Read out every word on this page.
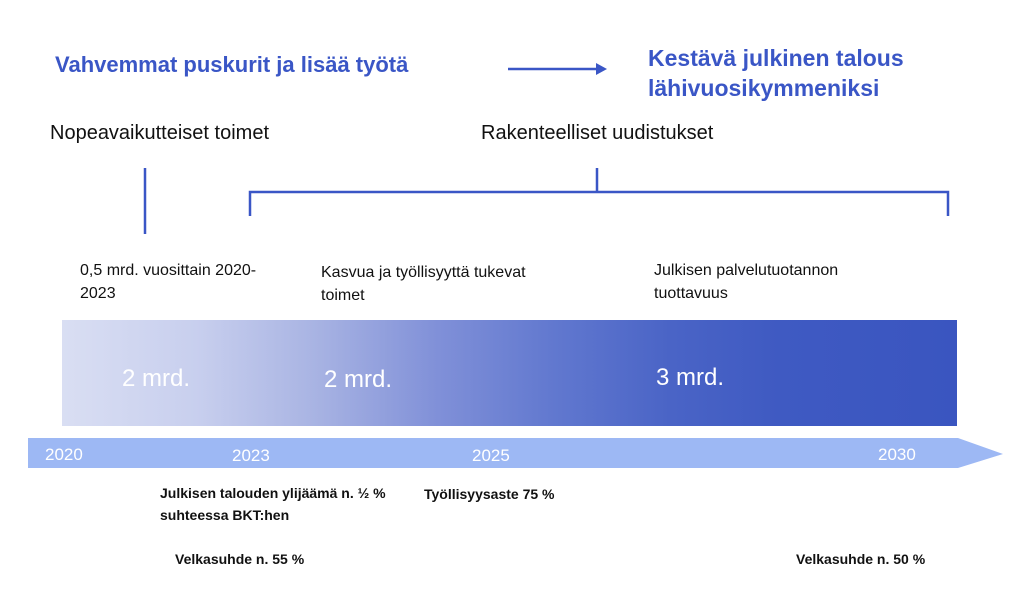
Vahvemmat puskurit ja lisää työtä	Kestävä julkinen talous lähivuosikymmeniksi
Nopeavaikutteiset toimet	Rakenteelliset uudistukset
0,5 mrd. vuosittain 2020-2023
Kasvua ja työllisyyttä tukevat toimet
Julkisen palvelutuotannon tuottavuus
2 mrd.	2 mrd.	3 mrd.
2020	2023	2025	2030
Julkisen talouden ylijäämä n. ½ % suhteessa BKT:hen
Työllisyysaste 75 %
Velkasuhde n. 55 %	Velkasuhde n. 50 %
